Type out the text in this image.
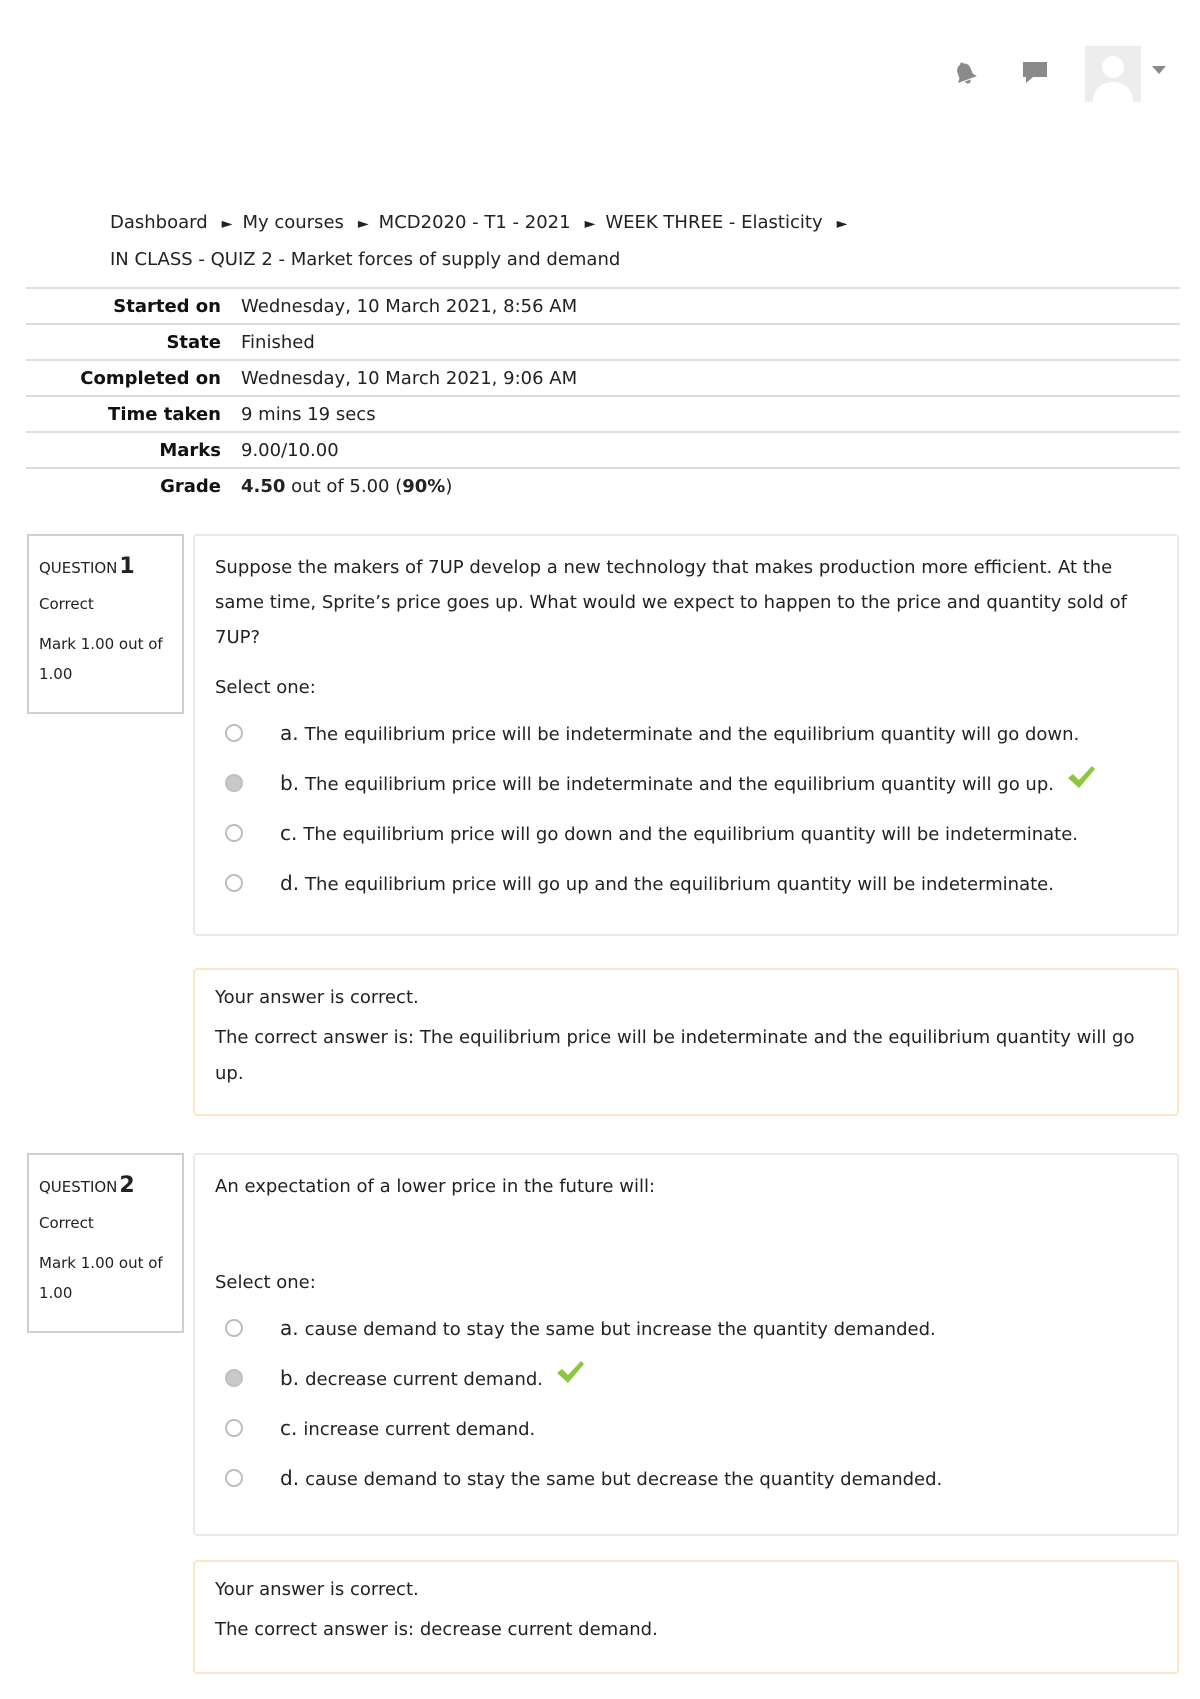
Dashboard ► My courses ► MCD2020 - T1 - 2021 ► WEEK THREE - Elasticity ►
IN CLASS - QUIZ 2 - Market forces of supply and demand
Started on	Wednesday, 10 March 2021, 8:56 AM
State	Finished
Completed on	Wednesday, 10 March 2021, 9:06 AM
Time taken	9 mins 19 secs
Marks	9.00/10.00
Grade	4.50 out of 5.00 (90%)
QUESTION1
Correct
Mark 1.00 out of 1.00
Suppose the makers of 7UP develop a new technology that makes production more efficient. At the same time, Sprite’s price goes up. What would we expect to happen to the price and quantity sold of 7UP?
Select one:
a. The equilibrium price will be indeterminate and the equilibrium quantity will go down.
b. The equilibrium price will be indeterminate and the equilibrium quantity will go up.
c. The equilibrium price will go down and the equilibrium quantity will be indeterminate.
d. The equilibrium price will go up and the equilibrium quantity will be indeterminate.
Your answer is correct.
The correct answer is: The equilibrium price will be indeterminate and the equilibrium quantity will go up.
QUESTION2
Correct
Mark 1.00 out of 1.00
An expectation of a lower price in the future will:
Select one:
a. cause demand to stay the same but increase the quantity demanded.
b. decrease current demand.
c. increase current demand.
d. cause demand to stay the same but decrease the quantity demanded.
Your answer is correct.
The correct answer is: decrease current demand.
